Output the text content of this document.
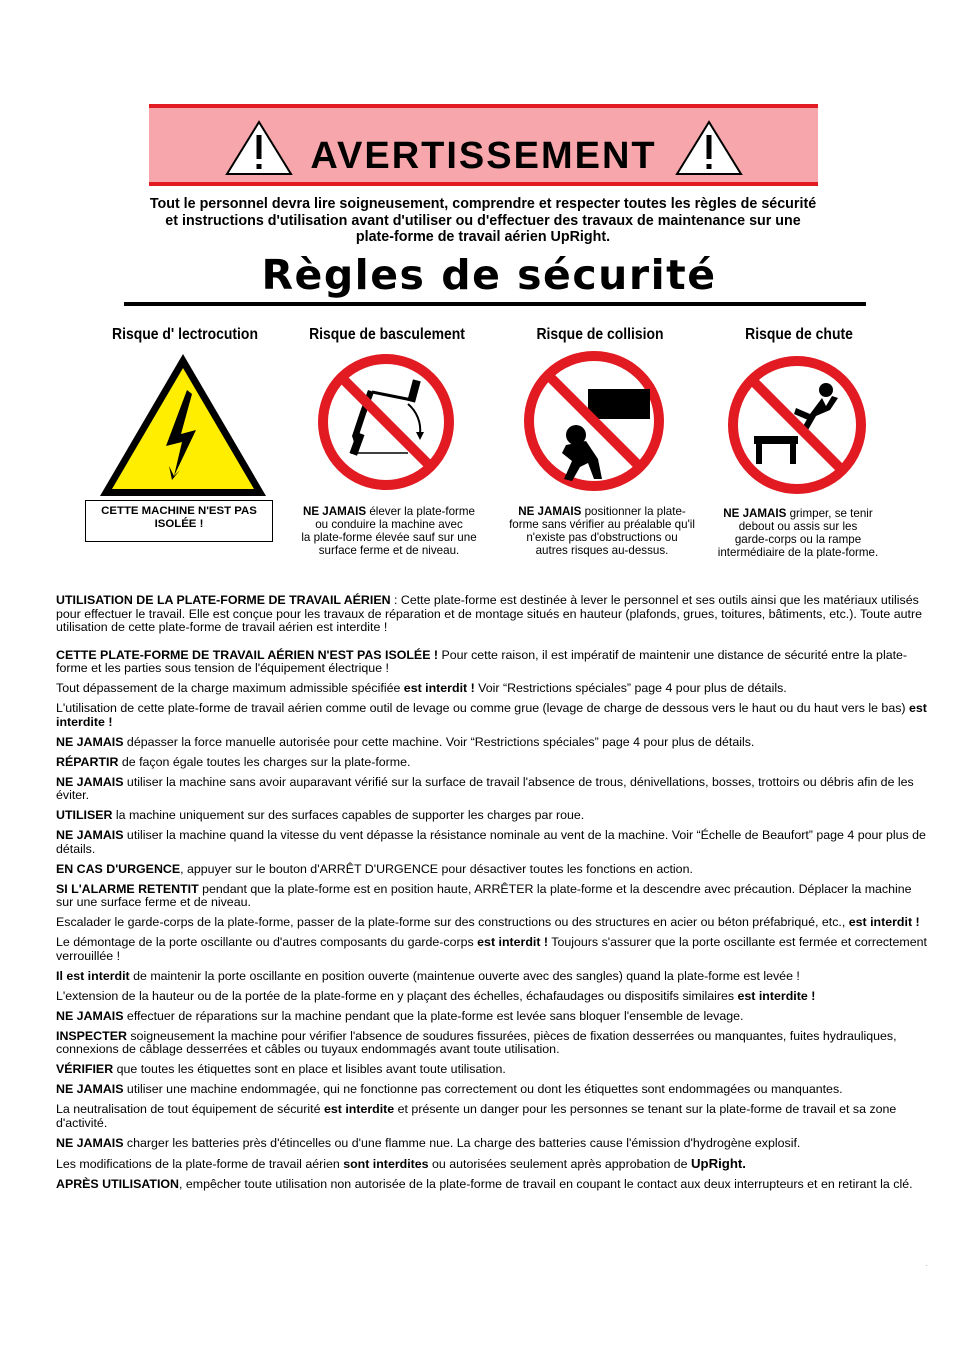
AVERTISSEMENT
Tout le personnel devra lire soigneusement, comprendre et respecter toutes les règles de sécurité
et instructions d'utilisation avant d'utiliser ou d'effectuer des travaux de maintenance sur une
plate-forme de travail aérien UpRight.
Règles de sécurité
Risque d' lectrocution
CETTE MACHINE N'EST PAS ISOLÉE !
Risque de basculement
NE JAMAIS élever la plate-forme
ou conduire la machine avec
la plate-forme élevée sauf sur une
surface ferme et de niveau.
Risque de collision
NE JAMAIS positionner la plate-
forme sans vérifier au préalable qu'il
n'existe pas d'obstructions ou
autres risques au-dessus.
Risque de chute
NE JAMAIS grimper, se tenir
debout ou assis sur les
garde-corps ou la rampe
intermédiaire de la plate-forme.

UTILISATION DE LA PLATE-FORME DE TRAVAIL AÉRIEN : Cette plate-forme est destinée à lever le personnel et ses outils ainsi que les matériaux utilisés pour effectuer le travail. Elle est conçue pour les travaux de réparation et de montage situés en hauteur (plafonds, grues, toitures, bâtiments, etc.). Toute autre utilisation de cette plate-forme de travail aérien est interdite !

CETTE PLATE-FORME DE TRAVAIL AÉRIEN N'EST PAS ISOLÉE ! Pour cette raison, il est impératif de maintenir une distance de sécurité entre la plate-forme et les parties sous tension de l'équipement électrique !

Tout dépassement de la charge maximum admissible spécifiée est interdit ! Voir “Restrictions spéciales” page 4 pour plus de détails.

L'utilisation de cette plate-forme de travail aérien comme outil de levage ou comme grue (levage de charge de dessous vers le haut ou du haut vers le bas) est interdite !

NE JAMAIS dépasser la force manuelle autorisée pour cette machine. Voir “Restrictions spéciales” page 4 pour plus de détails.

RÉPARTIR de façon égale toutes les charges sur la plate-forme.

NE JAMAIS utiliser la machine sans avoir auparavant vérifié sur la surface de travail l'absence de trous, dénivellations, bosses, trottoirs ou débris afin de les éviter.

UTILISER la machine uniquement sur des surfaces capables de supporter les charges par roue.

NE JAMAIS utiliser la machine quand la vitesse du vent dépasse la résistance nominale au vent de la machine. Voir “Échelle de Beaufort” page 4 pour plus de détails.

EN CAS D'URGENCE, appuyer sur le bouton d'ARRÊT D'URGENCE pour désactiver toutes les fonctions en action.

SI L'ALARME RETENTIT pendant que la plate-forme est en position haute, ARRÊTER la plate-forme et la descendre avec précaution. Déplacer la machine sur une surface ferme et de niveau.

Escalader le garde-corps de la plate-forme, passer de la plate-forme sur des constructions ou des structures en acier ou béton préfabriqué, etc., est interdit !

Le démontage de la porte oscillante ou d'autres composants du garde-corps est interdit ! Toujours s'assurer que la porte oscillante est fermée et correctement verrouillée !

Il est interdit de maintenir la porte oscillante en position ouverte (maintenue ouverte avec des sangles) quand la plate-forme est levée !

L'extension de la hauteur ou de la portée de la plate-forme en y plaçant des échelles, échafaudages ou dispositifs similaires est interdite !

NE JAMAIS effectuer de réparations sur la machine pendant que la plate-forme est levée sans bloquer l'ensemble de levage.

INSPECTER soigneusement la machine pour vérifier l'absence de soudures fissurées, pièces de fixation desserrées ou manquantes, fuites hydrauliques, connexions de câblage desserrées et câbles ou tuyaux endommagés avant toute utilisation.

VÉRIFIER que toutes les étiquettes sont en place et lisibles avant toute utilisation.

NE JAMAIS utiliser une machine endommagée, qui ne fonctionne pas correctement ou dont les étiquettes sont endommagées ou manquantes.

La neutralisation de tout équipement de sécurité est interdite et présente un danger pour les personnes se tenant sur la plate-forme de travail et sa zone d'activité.

NE JAMAIS charger les batteries près d'étincelles ou d'une flamme nue. La charge des batteries cause l'émission d'hydrogène explosif.

Les modifications de la plate-forme de travail aérien sont interdites ou autorisées seulement après approbation de UpRight.

APRÈS UTILISATION, empêcher toute utilisation non autorisée de la plate-forme de travail en coupant le contact aux deux interrupteurs et en retirant la clé.

.
